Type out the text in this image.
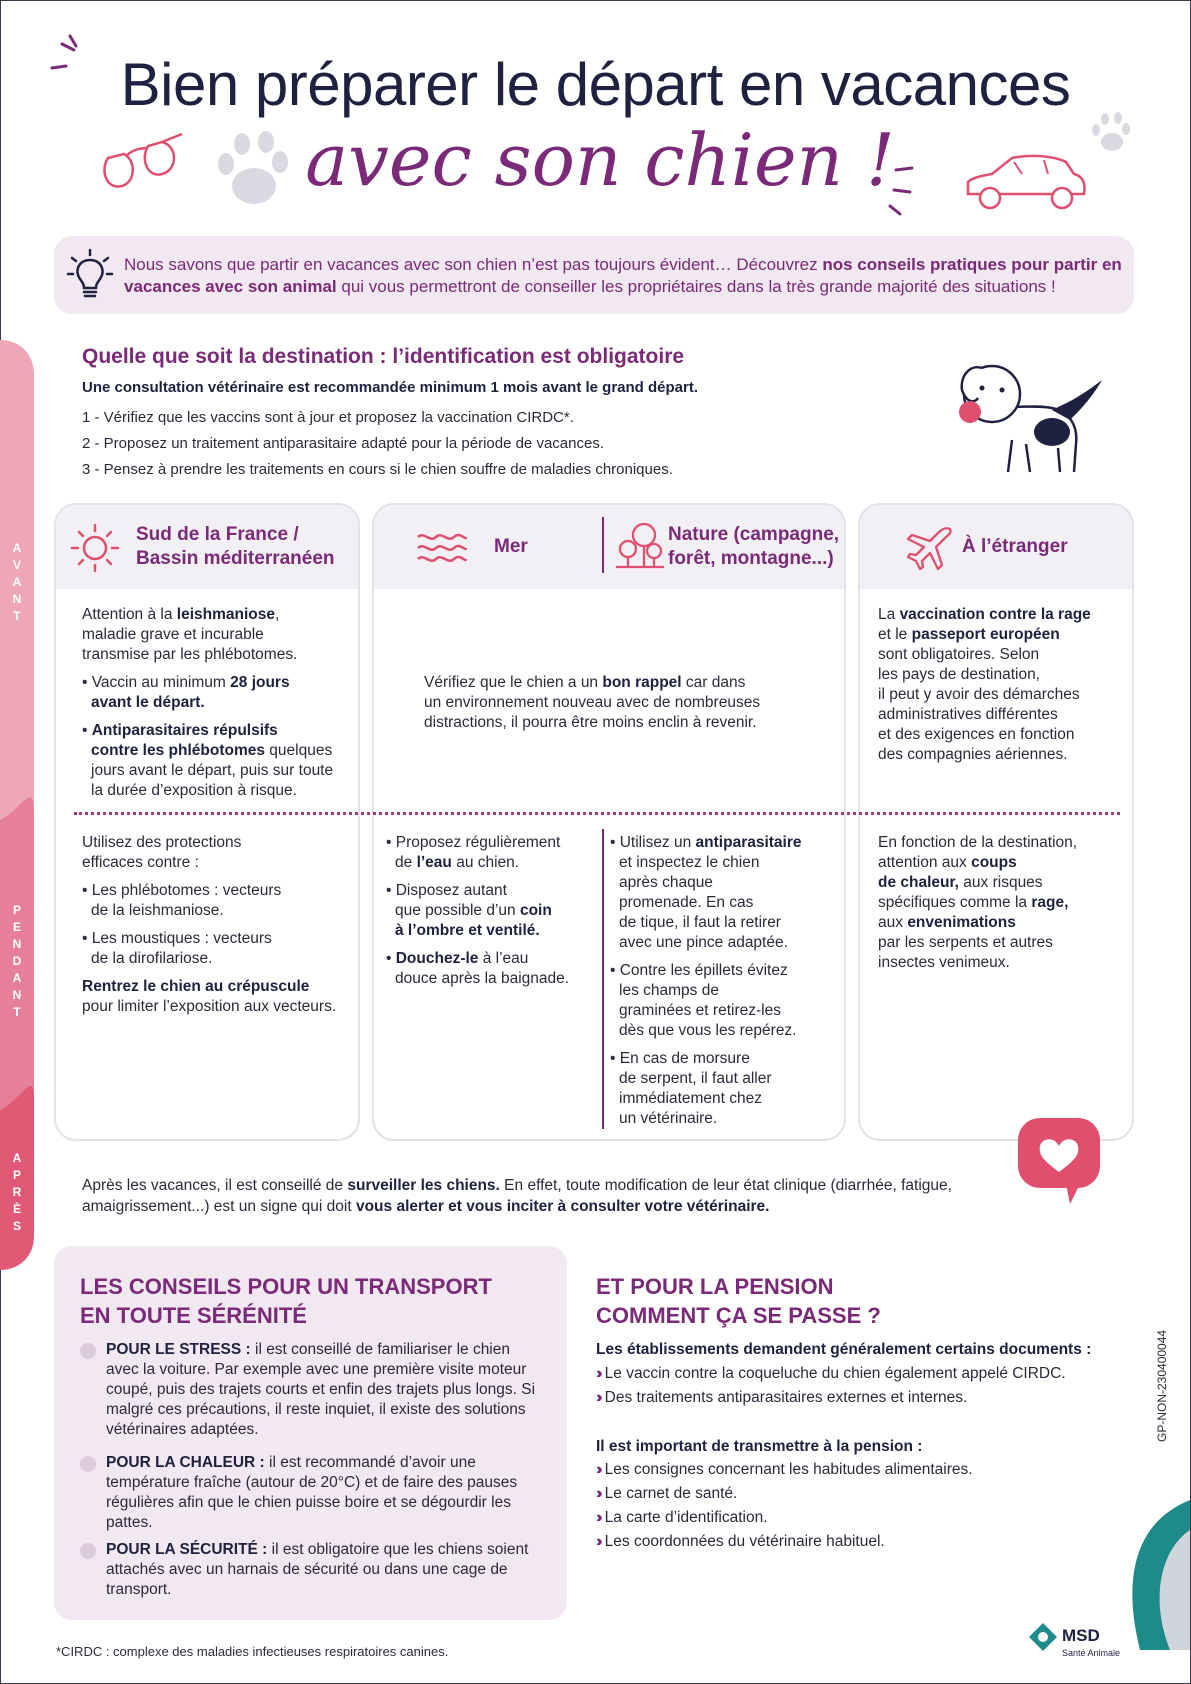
Bien préparer le départ en vacances
avec son chien !
Nous savons que partir en vacances avec son chien n’est pas toujours évident… Découvrez nos conseils pratiques pour partir en vacances avec son animal qui vous permettront de conseiller les propriétaires dans la très grande majorité des situations !
AVANT
PENDANT
APRÈS
Quelle que soit la destination : l’identification est obligatoire
Une consultation vétérinaire est recommandée minimum 1 mois avant le grand départ.
1 - Vérifiez que les vaccins sont à jour et proposez la vaccination CIRDC*.
2 - Proposez un traitement antiparasitaire adapté pour la période de vacances.
3 - Pensez à prendre les traitements en cours si le chien souffre de maladies chroniques.
Sud de la France /
Bassin méditerranéen

Attention à la leishmaniose,

maladie grave et incurable

transmise par les phlébotomes.

• Vaccin au minimum 28 jours

avant le départ.

• Antiparasitaires répulsifs

contre les phlébotomes quelques

jours avant le départ, puis sur toute

la durée d’exposition à risque.

Utilisez des protections

efficaces contre :

• Les phlébotomes : vecteurs

de la leishmaniose.

• Les moustiques : vecteurs

de la dirofilariose.

Rentrez le chien au crépuscule

pour limiter l’exposition aux vecteurs.

Mer
Nature (campagne,
forêt, montagne...)

Vérifiez que le chien a un bon rappel car dans

un environnement nouveau avec de nombreuses

distractions, il pourra être moins enclin à revenir.

• Proposez régulièrement

de l’eau au chien.

• Disposez autant

que possible d’un coin

à l’ombre et ventilé.

• Douchez-le à l’eau

douce après la baignade.

• Utilisez un antiparasitaire

et inspectez le chien

après chaque

promenade. En cas

de tique, il faut la retirer

avec une pince adaptée.

• Contre les épillets évitez

les champs de

graminées et retirez-les

dès que vous les repérez.

• En cas de morsure

de serpent, il faut aller

immédiatement chez

un vétérinaire.

À l’étranger

La vaccination contre la rage

et le passeport européen

sont obligatoires. Selon

les pays de destination,

il peut y avoir des démarches

administratives différentes

et des exigences en fonction

des compagnies aériennes.

En fonction de la destination,

attention aux coups

de chaleur, aux risques

spécifiques comme la rage,

aux envenimations

par les serpents et autres

insectes venimeux.

Après les vacances, il est conseillé de surveiller les chiens. En effet, toute modification de leur état clinique (diarrhée, fatigue, amaigrissement...) est un signe qui doit vous alerter et vous inciter à consulter votre vétérinaire.
LES CONSEILS POUR UN TRANSPORT
EN TOUTE SÉRÉNITÉ
POUR LE STRESS : il est conseillé de familiariser le chien avec la voiture. Par exemple avec une première visite moteur coupé, puis des trajets courts et enfin des trajets plus longs. Si malgré ces précautions, il reste inquiet, il existe des solutions vétérinaires adaptées.
POUR LA CHALEUR : il est recommandé d’avoir une température fraîche (autour de 20°C) et de faire des pauses régulières afin que le chien puisse boire et se dégourdir les pattes.
POUR LA SÉCURITÉ : il est obligatoire que les chiens soient attachés avec un harnais de sécurité ou dans une cage de transport.
ET POUR LA PENSION
COMMENT ÇA SE PASSE ?
Les établissements demandent généralement certains documents :
›› Le vaccin contre la coqueluche du chien également appelé CIRDC.
›› Des traitements antiparasitaires externes et internes.
Il est important de transmettre à la pension :
›› Les consignes concernant les habitudes alimentaires.
›› Le carnet de santé.
›› La carte d’identification.
›› Les coordonnées du vétérinaire habituel.
GP-NON-230400044
*CIRDC : complexe des maladies infectieuses respiratoires canines.
MSD
Santé Animale
